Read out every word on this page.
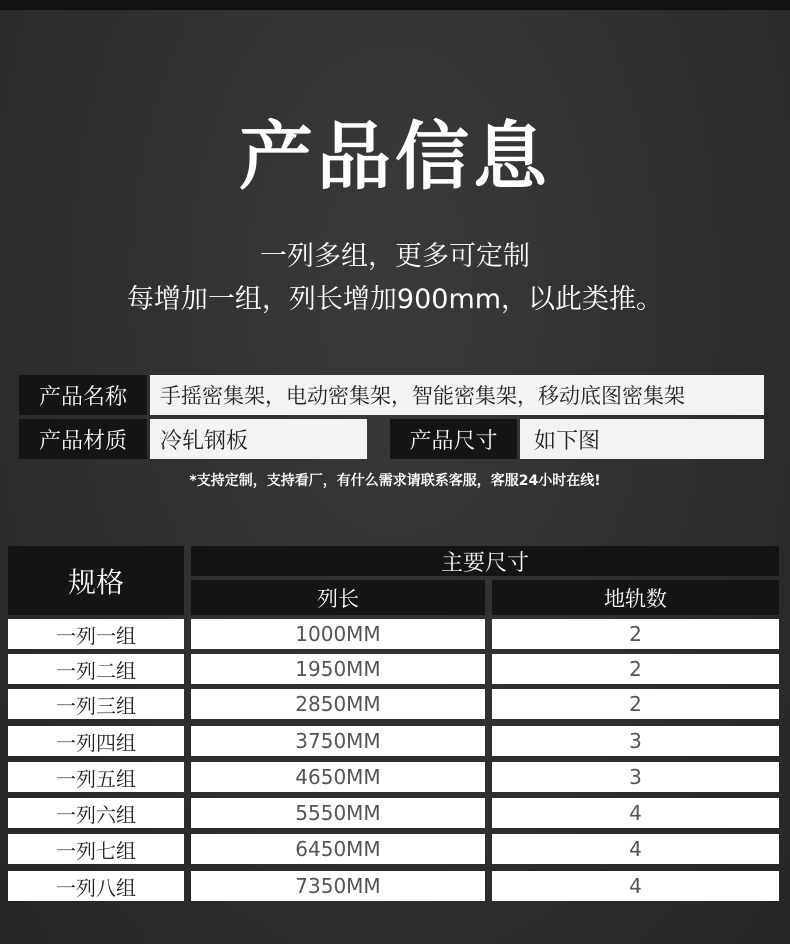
产品信息
一列多组，更多可定制
每增加一组，列长增加900mm，以此类推。
产品名称	手摇密集架，电动密集架，智能密集架，移动底图密集架
产品材质	冷轧钢板	产品尺寸	如下图
*支持定制，支持看厂，有什么需求请联系客服，客服24小时在线!
规格
主要尺寸
列长	地轨数
一列一组	1000MM	2
一列二组	1950MM	2
一列三组	2850MM	2
一列四组	3750MM	3
一列五组	4650MM	3
一列六组	5550MM	4
一列七组	6450MM	4
一列八组	7350MM	4
